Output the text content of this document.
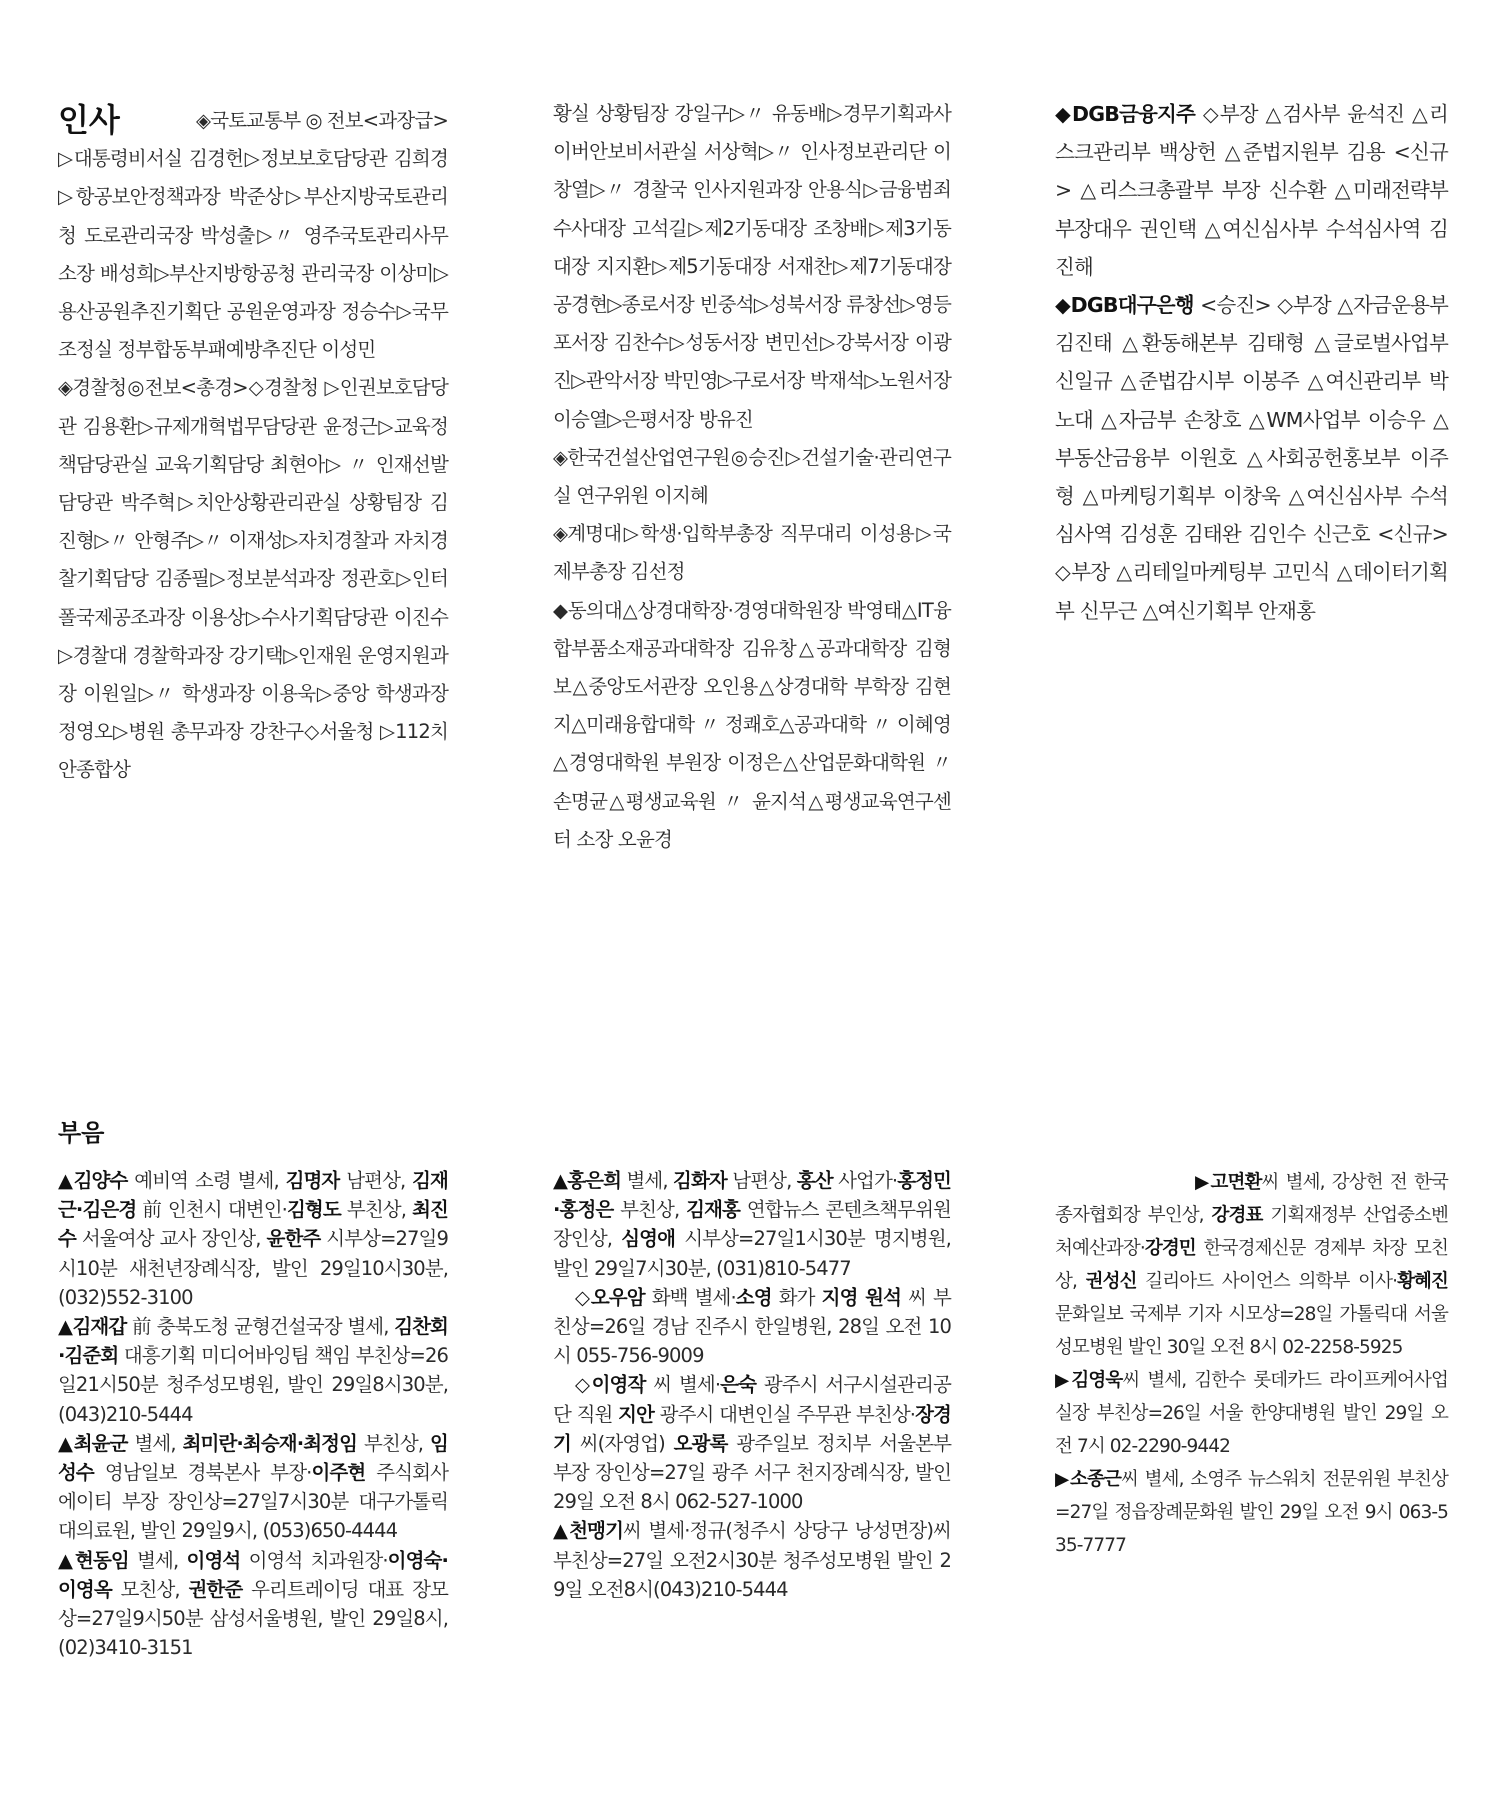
인사	◈국토교통부◎전보<과장급>▷대통령비서실 김경헌▷정보보호담당관 김희경▷항공보안정책과장 박준상▷부산지방국토관리청 도로관리국장 박성출▷〃 영주국토관리사무소장 배성희▷부산지방항공청 관리국장 이상미▷용산공원추진기획단 공원운영과장 정승수▷국무조정실 정부합동부패예방추진단 이성민
◈경찰청◎전보<총경>◇경찰청 ▷인권보호담당관 김용환▷규제개혁법무담당관 윤정근▷교육정책담당관실 교육기획담당 최현아▷ 〃 인재선발담당관 박주혁▷치안상황관리관실 상황팀장 김진형▷〃 안형주▷〃 이재성▷자치경찰과 자치경찰기획담당 김종필▷정보분석과장 정관호▷인터폴국제공조과장 이용상▷수사기획담당관 이진수▷경찰대 경찰학과장 강기택▷인재원 운영지원과장 이원일▷〃 학생과장 이용욱▷중앙 학생과장 정영오▷병원 총무과장 강찬구◇서울청 ▷112치안종합상
황실 상황팀장 강일구▷〃 유동배▷경무기획과사이버안보비서관실 서상혁▷〃 인사정보관리단 이창열▷〃 경찰국 인사지원과장 안용식▷금융범죄수사대장 고석길▷제2기동대장 조창배▷제3기동대장 지지환▷제5기동대장 서재찬▷제7기동대장 공경현▷종로서장 빈중석▷성북서장 류창선▷영등포서장 김찬수▷성동서장 변민선▷강북서장 이광진▷관악서장 박민영▷구로서장 박재석▷노원서장 이승열▷은평서장 방유진
◈한국건설산업연구원◎승진▷건설기술·관리연구실 연구위원 이지혜
◈계명대▷학생·입학부총장 직무대리 이성용▷국제부총장 김선정
◆동의대△상경대학장·경영대학원장 박영태△IT융합부품소재공과대학장 김유창△공과대학장 김형보△중앙도서관장 오인용△상경대학 부학장 김현지△미래융합대학 〃 정쾌호△공과대학 〃 이혜영△경영대학원 부원장 이정은△산업문화대학원 〃 손명균△평생교육원 〃 윤지석△평생교육연구센터 소장 오윤경
◆DGB금융지주 ◇부장 △검사부 윤석진 △리스크관리부 백상헌 △준법지원부 김용 <신규> △리스크총괄부 부장 신수환 △미래전략부 부장대우 권인택 △여신심사부 수석심사역 김진해
◆DGB대구은행 <승진> ◇부장 △자금운용부 김진태 △환동해본부 김태형 △글로벌사업부 신일규 △준법감시부 이봉주 △여신관리부 박노대 △자금부 손창호 △WM사업부 이승우 △부동산금융부 이원호 △사회공헌홍보부 이주형 △마케팅기획부 이창욱 △여신심사부 수석심사역 김성훈 김태완 김인수 신근호 <신규> ◇부장 △리테일마케팅부 고민식 △데이터기획부 신무근 △여신기획부 안재홍
부음

▲김양수 예비역 소령 별세, 김명자 남편상, 김재근·김은경 前 인천시 대변인·김형도 부친상, 최진수 서울여상 교사 장인상, 윤한주 시부상=27일9시10분 새천년장례식장, 발인 29일10시30분, (032)552-3100

▲김재갑 前 충북도청 균형건설국장 별세, 김찬회·김준회 대흥기획 미디어바잉팀 책임 부친상=26일21시50분 청주성모병원, 발인 29일8시30분, (043)210-5444

▲최윤군 별세, 최미란·최승재·최정임 부친상, 임성수 영남일보 경북본사 부장·이주현 주식회사 에이티 부장 장인상=27일7시30분 대구가톨릭대의료원, 발인 29일9시, (053)650-4444

▲현동임 별세, 이영석 이영석 치과원장·이영숙·이영옥 모친상, 권한준 우리트레이딩 대표 장모상=27일9시50분 삼성서울병원, 발인 29일8시, (02)3410-3151

▲홍은희 별세, 김화자 남편상, 홍산 사업가·홍정민·홍정은 부친상, 김재홍 연합뉴스 콘텐츠책무위원 장인상, 심영애 시부상=27일1시30분 명지병원, 발인 29일7시30분, (031)810-5477

◇오우암 화백 별세·소영 화가 지영 원석 씨 부친상=26일 경남 진주시 한일병원, 28일 오전 10시 055-756-9009

◇이영작 씨 별세·은숙 광주시 서구시설관리공단 직원 지안 광주시 대변인실 주무관 부친상·장경기 씨(자영업) 오광록 광주일보 정치부 서울본부 부장 장인상=27일 광주 서구 천지장례식장, 발인 29일 오전 8시 062-527-1000

▲천맹기씨 별세·정규(청주시 상당구 낭성면장)씨 부친상=27일 오전2시30분 청주성모병원 발인 29일 오전8시(043)210-5444

▶고면환씨 별세, 강상헌 전 한국종자협회장 부인상, 강경표 기획재정부 산업중소벤처예산과장·강경민 한국경제신문 경제부 차장 모친상, 권성신 길리아드 사이언스 의학부 이사·황혜진 문화일보 국제부 기자 시모상=28일 가톨릭대 서울성모병원 발인 30일 오전 8시 02-2258-5925

▶김영욱씨 별세, 김한수 롯데카드 라이프케어사업실장 부친상=26일 서울 한양대병원 발인 29일 오전 7시 02-2290-9442

▶소종근씨 별세, 소영주 뉴스워치 전문위원 부친상=27일 정읍장례문화원 발인 29일 오전 9시 063-535-7777
